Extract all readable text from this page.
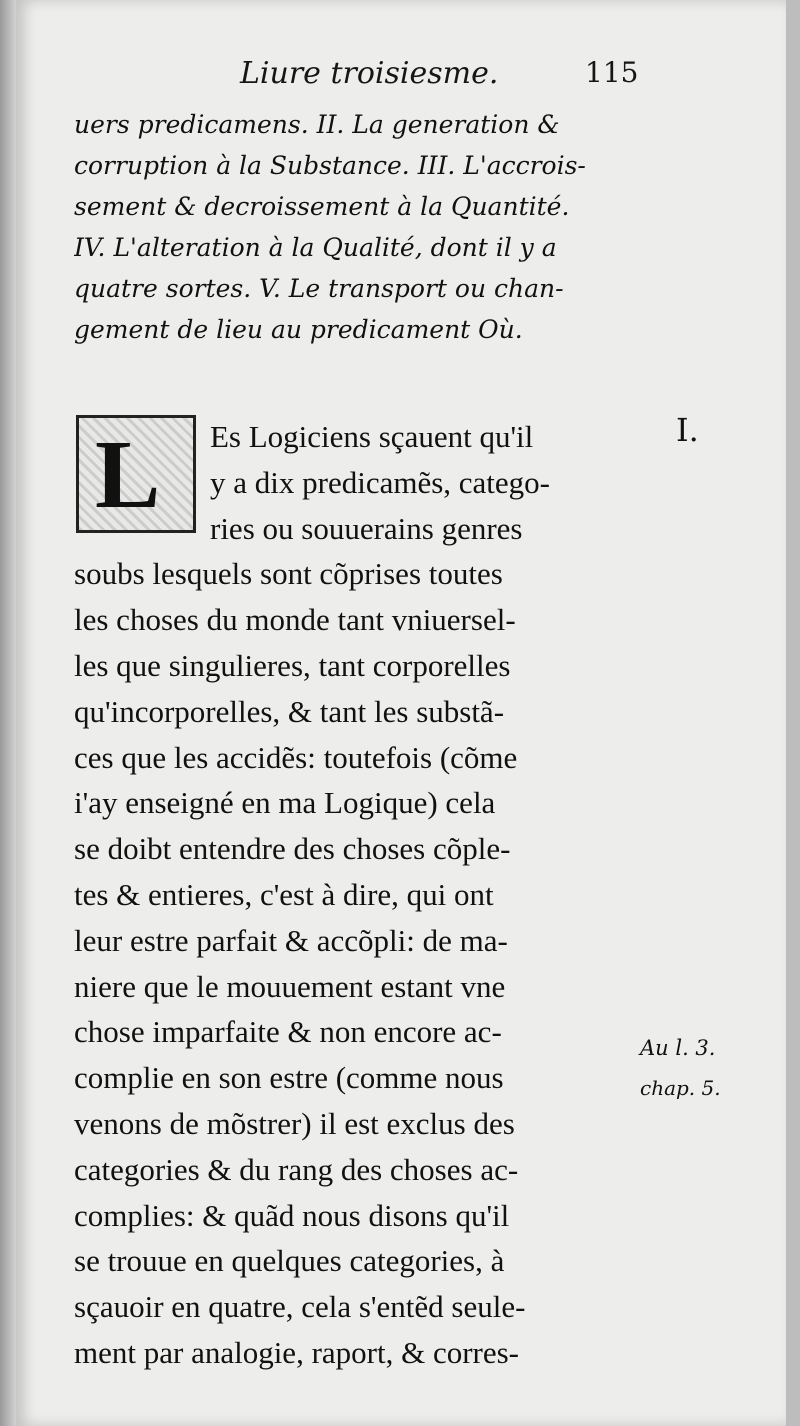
Liure troisiesme.	115
uers predicamens. II. La generation &
corruption à la Substance. III. L'accrois-
sement & decroissement à la Quantité.
IV. L'alteration à la Qualité, dont il y a
quatre sortes. V. Le transport ou chan-
gement de lieu au predicament Où.
L	Es Logiciens sçauent qu'il
y a dix predicamẽs, catego-
ries ou souuerains genres
soubs lesquels sont cõprises toutes
les choses du monde tant vniuersel-
les que singulieres, tant corporelles
qu'incorporelles, & tant les substã-
ces que les accidẽs: toutefois (cõme
i'ay enseigné en ma Logique) cela
se doibt entendre des choses cõple-
tes & entieres, c'est à dire, qui ont
leur estre parfait & accõpli: de ma-
niere que le mouuement estant vne
chose imparfaite & non encore ac-
complie en son estre (comme nous
venons de mõstrer) il est exclus des
categories & du rang des choses ac-
complies: & quãd nous disons qu'il
se trouue en quelques categories, à
sçauoir en quatre, cela s'entẽd seule-
ment par analogie, raport, & corres-
I.
Au l. 3.
chap. 5.
